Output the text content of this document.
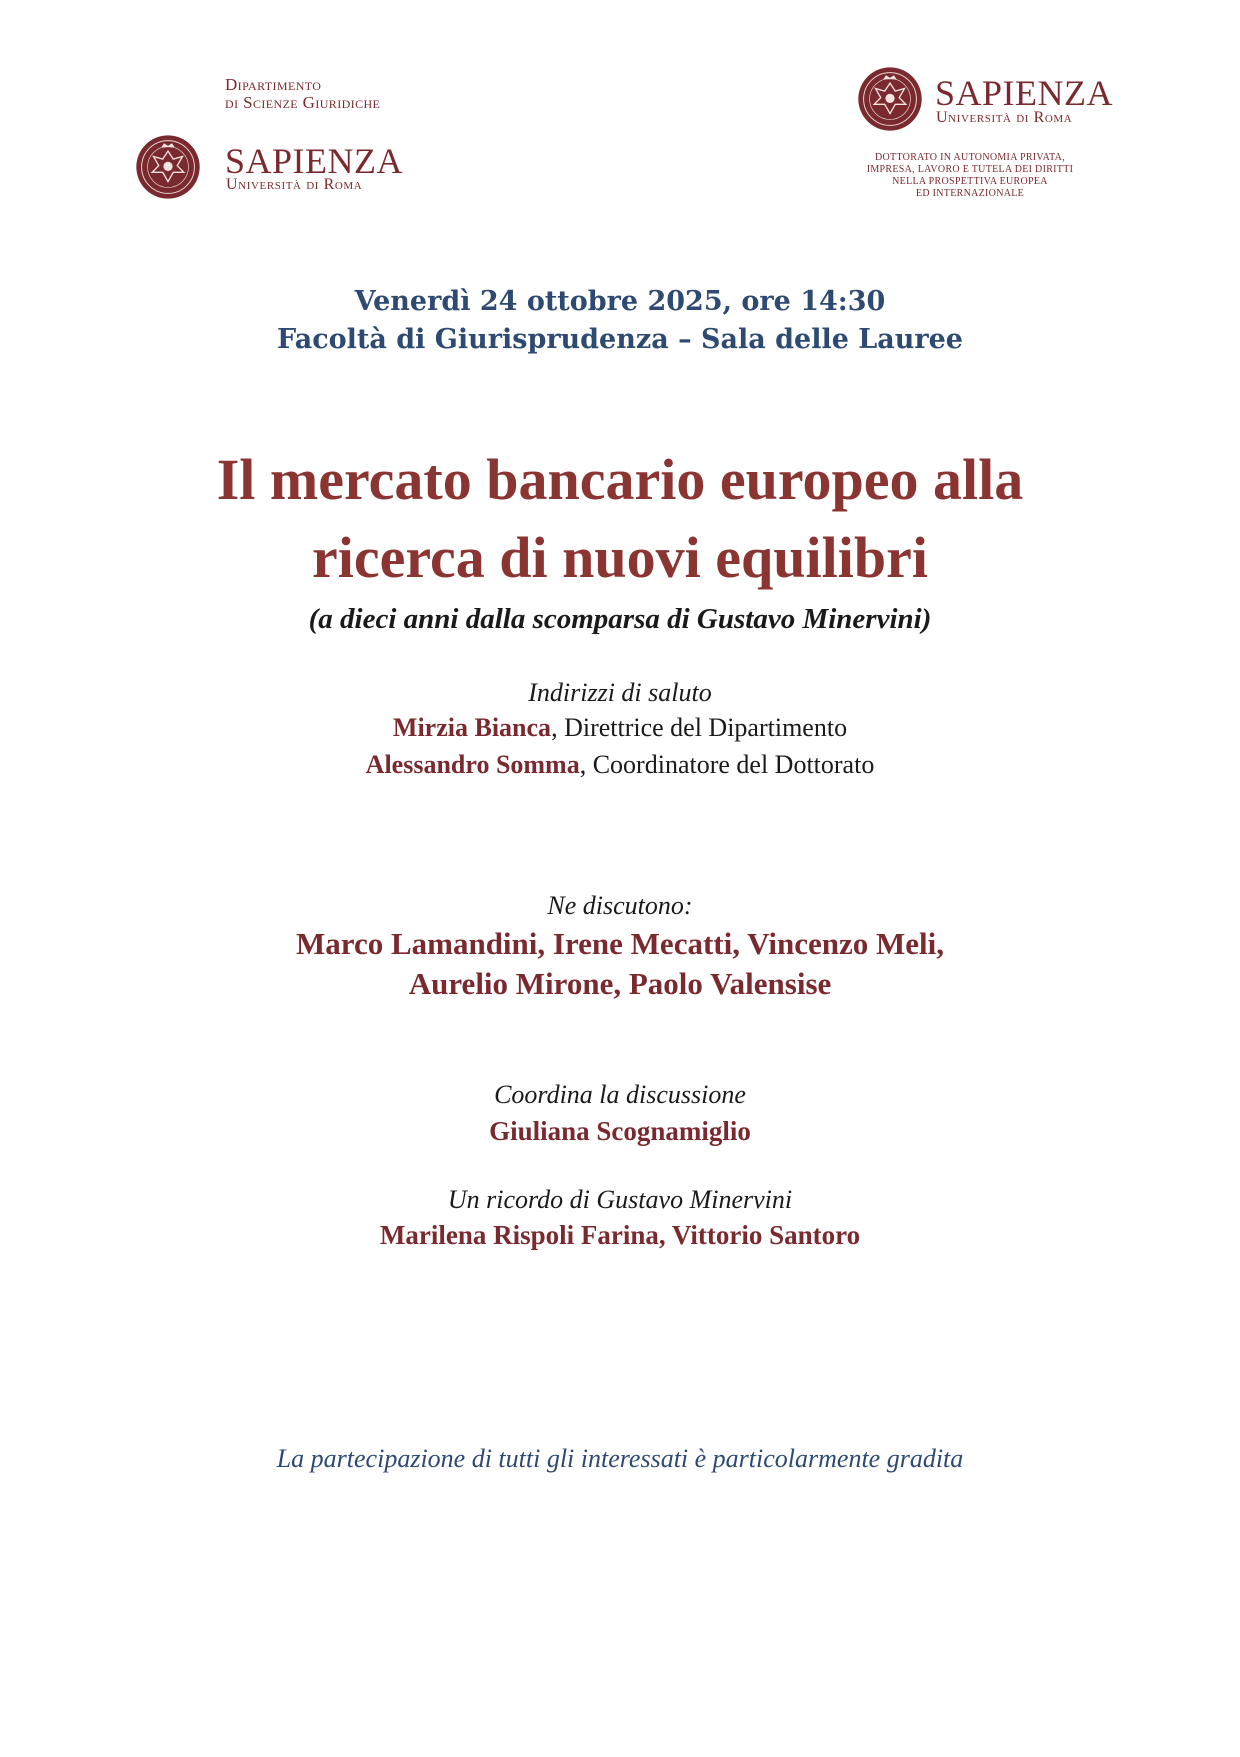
Dipartimento
di Scienze Giuridiche
SAPIENZA
Università di Roma
SAPIENZA
Università di Roma
DOTTORATO IN AUTONOMIA PRIVATA,
IMPRESA, LAVORO E TUTELA DEI DIRITTI
NELLA PROSPETTIVA EUROPEA
ED INTERNAZIONALE
Venerdì 24 ottobre 2025, ore 14:30
Facoltà di Giurisprudenza – Sala delle Lauree
Il mercato bancario europeo alla
ricerca di nuovi equilibri
(a dieci anni dalla scomparsa di Gustavo Minervini)
Indirizzi di saluto
Mirzia Bianca, Direttrice del Dipartimento
Alessandro Somma, Coordinatore del Dottorato
Ne discutono:
Marco Lamandini, Irene Mecatti, Vincenzo Meli,
Aurelio Mirone, Paolo Valensise
Coordina la discussione
Giuliana Scognamiglio
Un ricordo di Gustavo Minervini
Marilena Rispoli Farina, Vittorio Santoro
La partecipazione di tutti gli interessati è particolarmente gradita
